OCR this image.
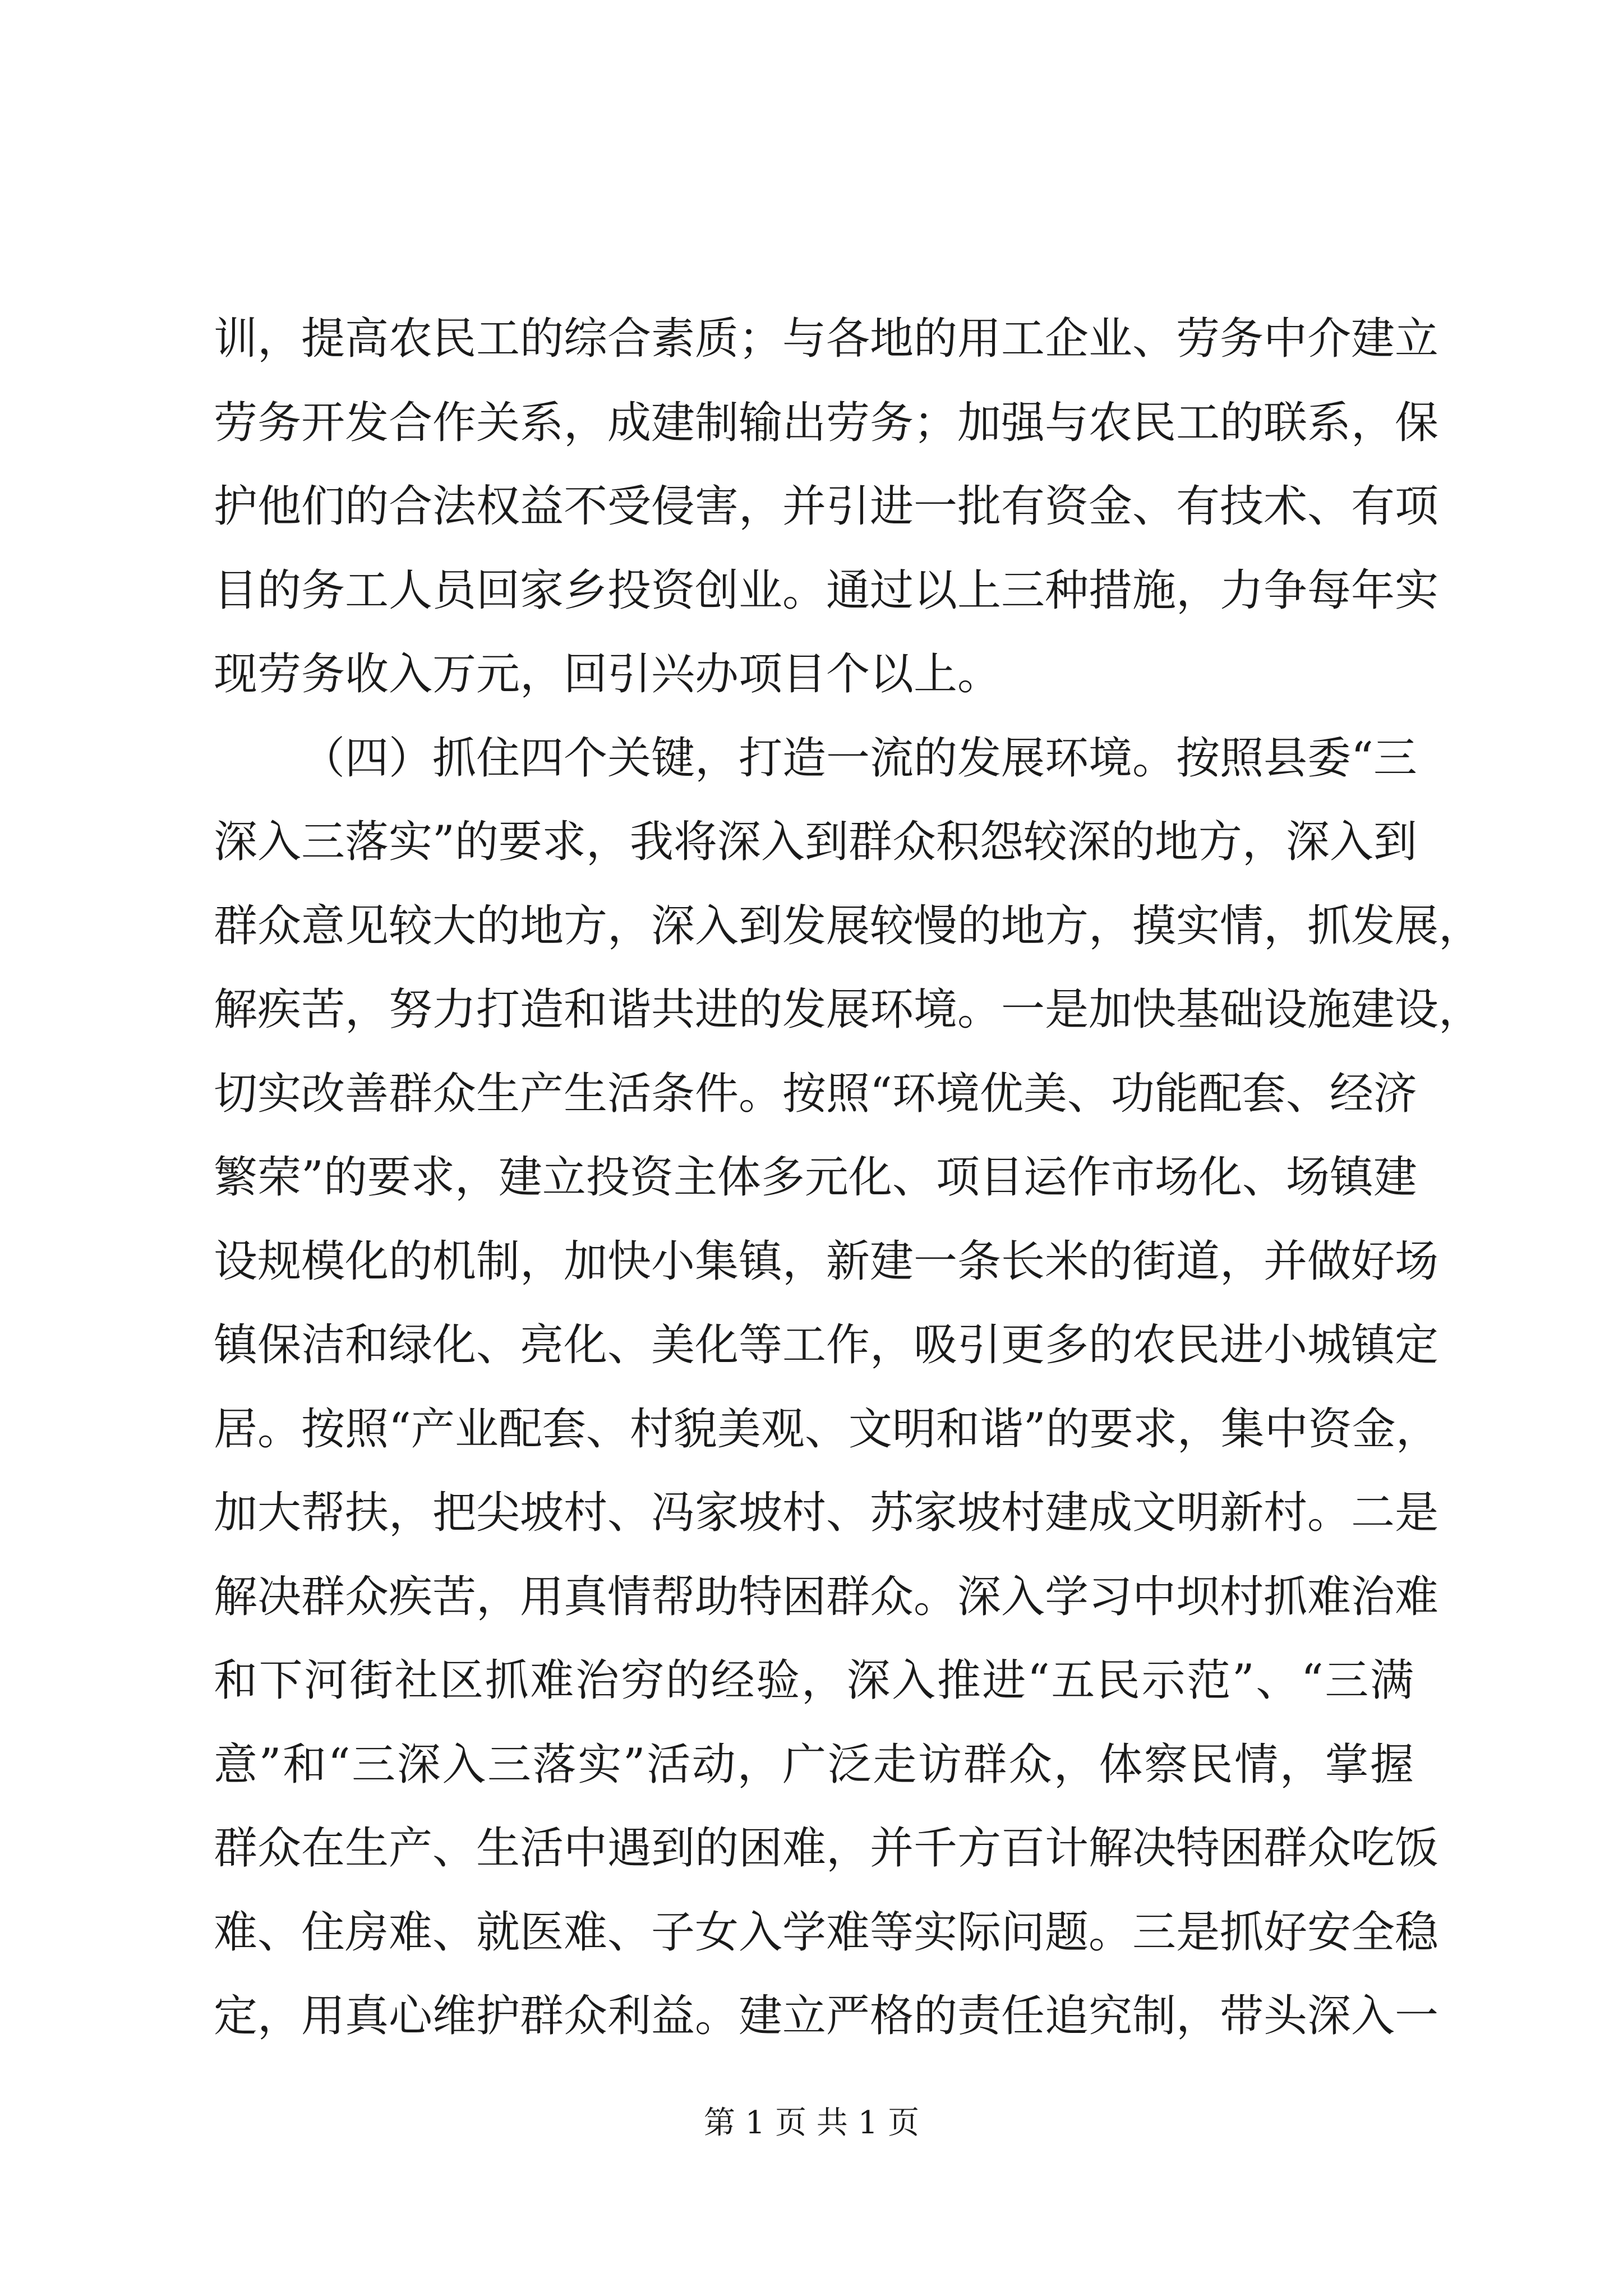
训，提高农民工的综合素质；与各地的用工企业、劳务中介建立
劳务开发合作关系，成建制输出劳务；加强与农民工的联系，保
护他们的合法权益不受侵害，并引进一批有资金、有技术、有项
目的务工人员回家乡投资创业。通过以上三种措施，力争每年实
现劳务收入万元，回引兴办项目个以上。
（四）抓住四个关键，打造一流的发展环境。按照县委“三
深入三落实”的要求，我将深入到群众积怨较深的地方，深入到
群众意见较大的地方，深入到发展较慢的地方，摸实情，抓发展，
解疾苦，努力打造和谐共进的发展环境。一是加快基础设施建设，
切实改善群众生产生活条件。按照“环境优美、功能配套、经济
繁荣”的要求，建立投资主体多元化、项目运作市场化、场镇建
设规模化的机制，加快小集镇，新建一条长米的街道，并做好场
镇保洁和绿化、亮化、美化等工作，吸引更多的农民进小城镇定
居。按照“产业配套、村貌美观、文明和谐”的要求，集中资金，
加大帮扶，把尖坡村、冯家坡村、苏家坡村建成文明新村。二是
解决群众疾苦，用真情帮助特困群众。深入学习中坝村抓难治难
和下河街社区抓难治穷的经验，深入推进“五民示范”、“三满
意”和“三深入三落实”活动，广泛走访群众，体察民情，掌握
群众在生产、生活中遇到的困难，并千方百计解决特困群众吃饭
难、住房难、就医难、子女入学难等实际问题。三是抓好安全稳
定，用真心维护群众利益。建立严格的责任追究制，带头深入一
第 1 页 共 1 页
